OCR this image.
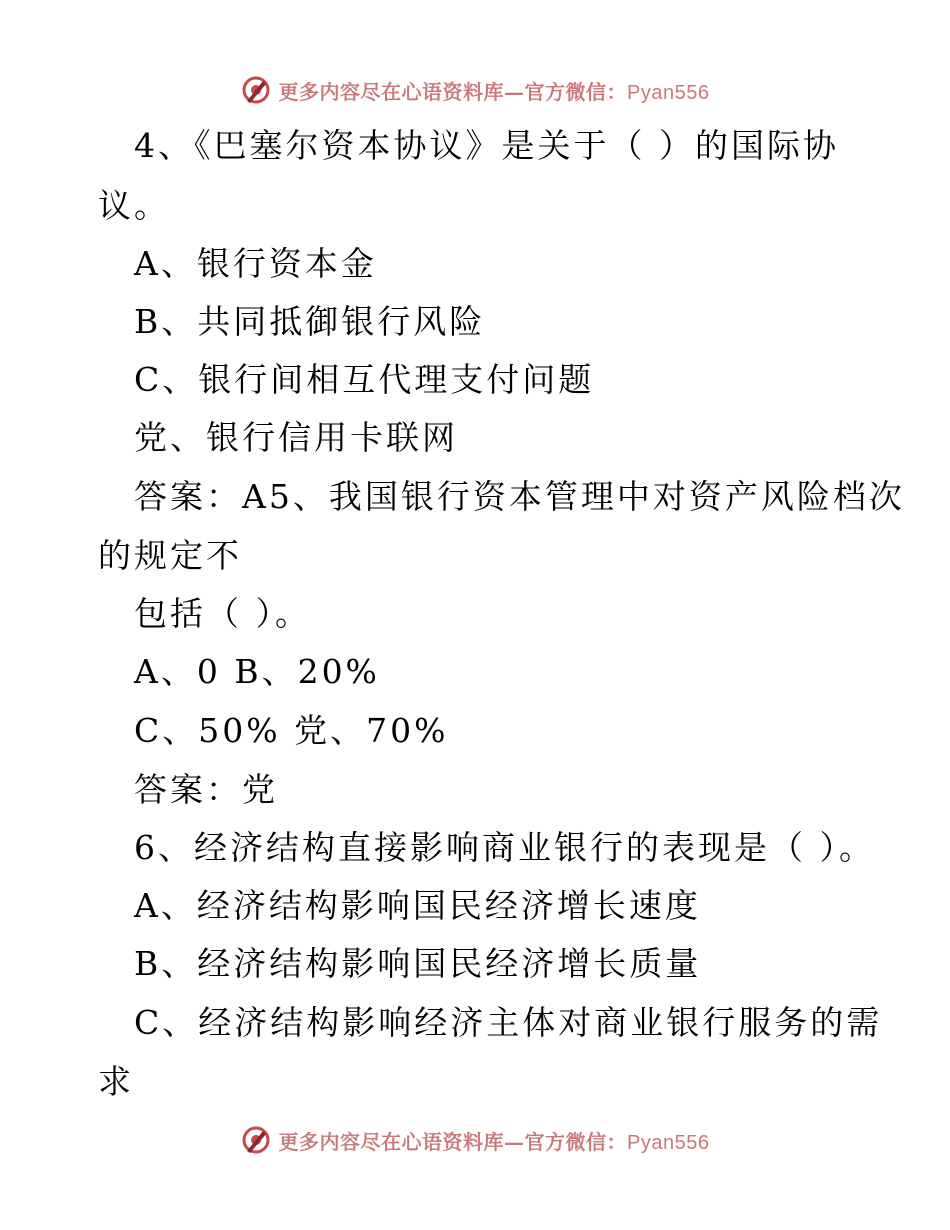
更多内容尽在心语资料库—官方微信：Pyan556
4、《巴塞尔资本协议》是关于（ ）的国际协
议。
A、银行资本金
B、共同抵御银行风险
C、银行间相互代理支付问题
党、银行信用卡联网
答案：A5、我国银行资本管理中对资产风险档次
的规定不
包括（ ）。
A、0 B、20%
C、50% 党、70%
答案：党
6、经济结构直接影响商业银行的表现是（ ）。
A、经济结构影响国民经济增长速度
B、经济结构影响国民经济增长质量
C、经济结构影响经济主体对商业银行服务的需
求
更多内容尽在心语资料库—官方微信：Pyan556
